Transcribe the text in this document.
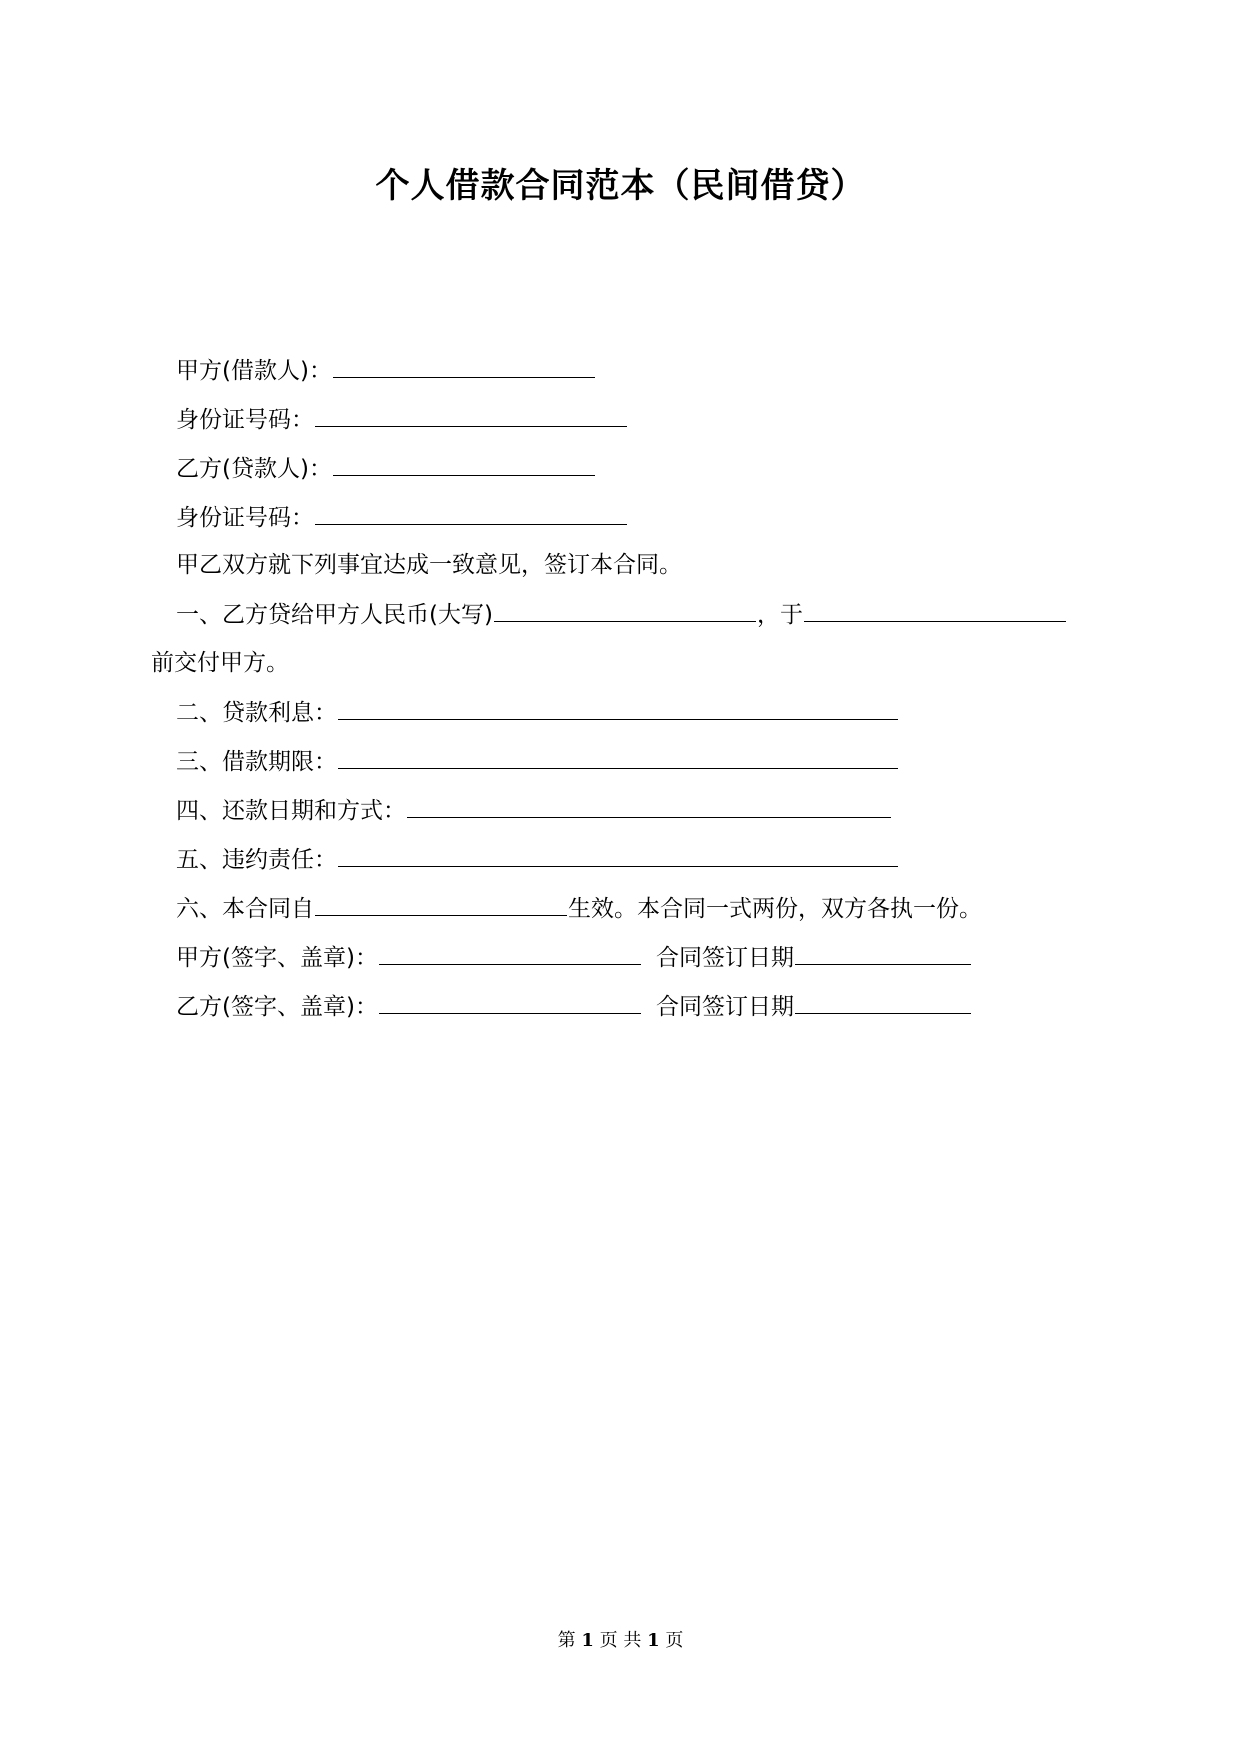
个人借款合同范本（民间借贷）
甲方(借款人)：
身份证号码：
乙方(贷款人)：
身份证号码：
甲乙双方就下列事宜达成一致意见，签订本合同。
一、乙方贷给甲方人民币(大写)	，于
前交付甲方。
二、贷款利息：
三、借款期限：
四、还款日期和方式：
五、违约责任：
六、本合同自	生效。本合同一式两份，双方各执一份。
甲方(签字、盖章)：	合同签订日期
乙方(签字、盖章)：	合同签订日期
第 1 页 共 1 页
